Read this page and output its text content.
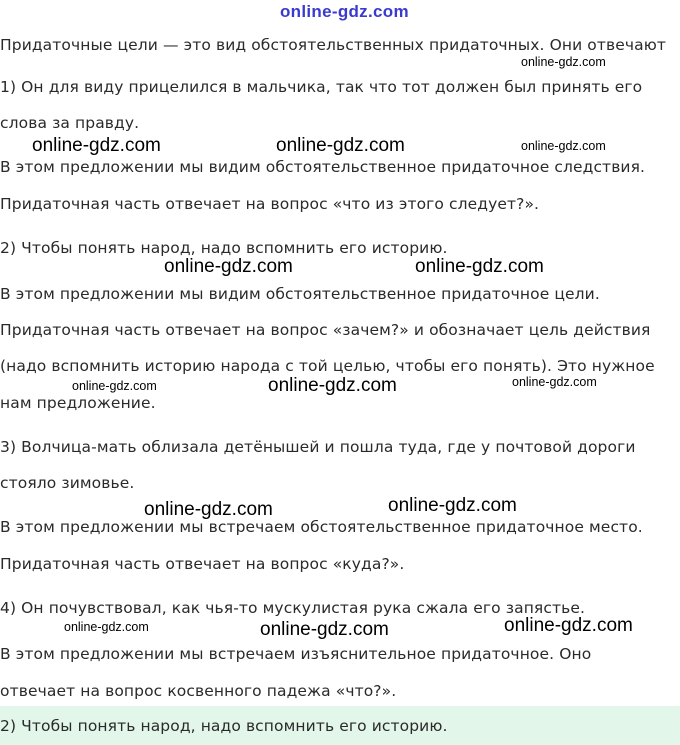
online-gdz.com

Придаточные цели — это вид обстоятельственных придаточных. Они отвечают

1) Он для виду прицелился в мальчика, так что тот должен был принять его

слова за правду.

В этом предложении мы видим обстоятельственное придаточное следствия.

Придаточная часть отвечает на вопрос «что из этого следует?».

2) Чтобы понять народ, надо вспомнить его историю.

В этом предложении мы видим обстоятельственное придаточное цели.

Придаточная часть отвечает на вопрос «зачем?» и обозначает цель действия

(надо вспомнить историю народа с той целью, чтобы его понять). Это нужное

нам предложение.

3) Волчица-мать облизала детёнышей и пошла туда, где у почтовой дороги

стояло зимовье.

В этом предложении мы встречаем обстоятельственное придаточное место.

Придаточная часть отвечает на вопрос «куда?».

4) Он почувствовал, как чья-то мускулистая рука сжала его запястье.

В этом предложении мы встречаем изъяснительное придаточное. Оно

отвечает на вопрос косвенного падежа «что?».

online-gdz.com
online-gdz.com	online-gdz.com	online-gdz.com
online-gdz.com	online-gdz.com
online-gdz.com	online-gdz.com	online-gdz.com
online-gdz.com	online-gdz.com
online-gdz.com	online-gdz.com	online-gdz.com

2) Чтобы понять народ, надо вспомнить его историю.
